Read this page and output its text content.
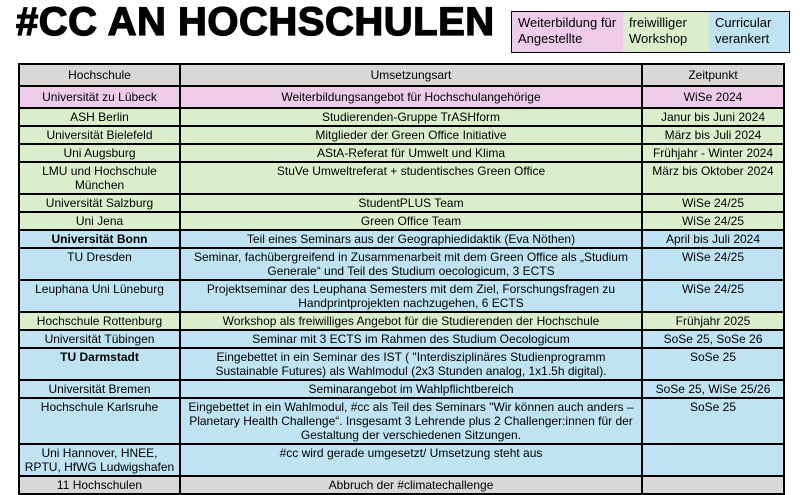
#CC AN HOCHSCHULEN	Weiterbildung für Angestellte
freiwilliger Workshop
Curricular verankert
Hochschule	Umsetzungsart	Zeitpunkt
Universität zu Lübeck	Weiterbildungsangebot für Hochschulangehörige	WiSe 2024
ASH Berlin	Studierenden-Gruppe TrASHform	Janur bis Juni 2024
Universität Bielefeld	Mitglieder der Green Office Initiative	März bis Juli 2024
Uni Augsburg	AStA-Referat für Umwelt und Klima	Frühjahr - Winter 2024
LMU und Hochschule München	StuVe Umweltreferat + studentisches Green Office	März bis Oktober 2024
Universität Salzburg	StudentPLUS Team	WiSe 24/25
Uni Jena	Green Office Team	WiSe 24/25
Universität Bonn	Teil eines Seminars aus der Geographiedidaktik (Eva Nöthen)	April bis Juli 2024
TU Dresden	Seminar, fachübergreifend in Zusammenarbeit mit dem Green Office als „Studium Generale“ und Teil des Studium oecologicum, 3 ECTS	WiSe 24/25
Leuphana Uni Lüneburg	Projektseminar des Leuphana Semesters mit dem Ziel, Forschungsfragen zu Handprintprojekten nachzugehen, 6 ECTS	WiSe 24/25
Hochschule Rottenburg	Workshop als freiwilliges Angebot für die Studierenden der Hochschule	Frühjahr 2025
Universität Tübingen	Seminar mit 3 ECTS im Rahmen des Studium Oecologicum	SoSe 25, SoSe 26
TU Darmstadt	Eingebettet in ein Seminar des IST ( "Interdisziplinäres Studienprogramm Sustainable Futures) als Wahlmodul (2x3 Stunden analog, 1x1.5h digital).	SoSe 25
Universität Bremen	Seminarangebot im Wahlpflichtbereich	SoSe 25, WiSe 25/26
Hochschule Karlsruhe	Eingebettet in ein Wahlmodul, #cc als Teil des Seminars "Wir können auch anders – Planetary Health Challenge“. Insgesamt 3 Lehrende plus 2 Challenger:innen für der Gestaltung der verschiedenen Sitzungen.	SoSe 25
Uni Hannover, HNEE, RPTU, HfWG Ludwigshafen	#cc wird gerade umgesetzt/ Umsetzung steht aus	
11 Hochschulen	Abbruch der #climatechallenge	
